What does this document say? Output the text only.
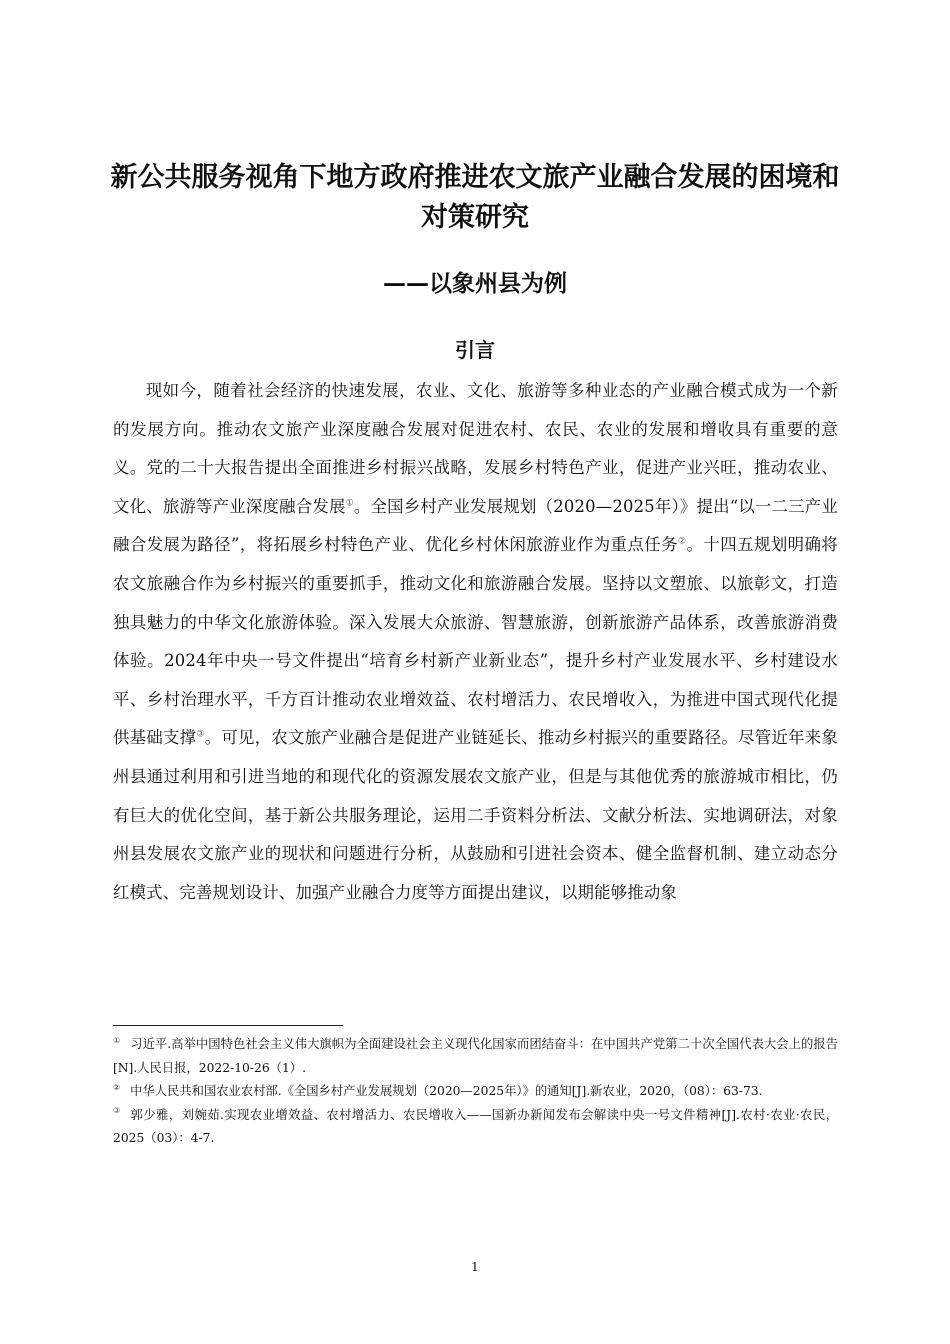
新公共服务视角下地方政府推进农文旅产业融合发展的困境和对策研究
——以象州县为例
引言

现如今，随着社会经济的快速发展，农业、文化、旅游等多种业态的产业融合模式成为一个新的发展方向。推动农文旅产业深度融合发展对促进农村、农民、农业的发展和增收具有重要的意义。党的二十大报告提出全面推进乡村振兴战略，发展乡村特色产业，促进产业兴旺，推动农业、文化、旅游等产业深度融合发展①。全国乡村产业发展规划（2020—2025年）》提出“以一二三产业融合发展为路径”，将拓展乡村特色产业、优化乡村休闲旅游业作为重点任务②。十四五规划明确将农文旅融合作为乡村振兴的重要抓手，推动文化和旅游融合发展。坚持以文塑旅、以旅彰文，打造独具魅力的中华文化旅游体验。深入发展大众旅游、智慧旅游，创新旅游产品体系，改善旅游消费体验。2024年中央一号文件提出“培育乡村新产业新业态”，提升乡村产业发展水平、乡村建设水平、乡村治理水平，千方百计推动农业增效益、农村增活力、农民增收入，为推进中国式现代化提供基础支撑③。可见，农文旅产业融合是促进产业链延长、推动乡村振兴的重要路径。尽管近年来象州县通过利用和引进当地的和现代化的资源发展农文旅产业，但是与其他优秀的旅游城市相比，仍有巨大的优化空间，基于新公共服务理论，运用二手资料分析法、文献分析法、实地调研法，对象州县发展农文旅产业的现状和问题进行分析，从鼓励和引进社会资本、健全监督机制、建立动态分红模式、完善规划设计、加强产业融合力度等方面提出建议，以期能够推动象

① 习近平.高举中国特色社会主义伟大旗帜为全面建设社会主义现代化国家而团结奋斗：在中国共产党第二十次全国代表大会上的报告[N].人民日报，2022-10-26（1）.

② 中华人民共和国农业农村部.《全国乡村产业发展规划（2020—2025年）》的通知[J].新农业，2020，（08）：63-73.

③ 郭少雅，刘婉茹.实现农业增效益、农村增活力、农民增收入——国新办新闻发布会解读中央一号文件精神[J].农村·农业·农民，2025（03）：4-7.

1
